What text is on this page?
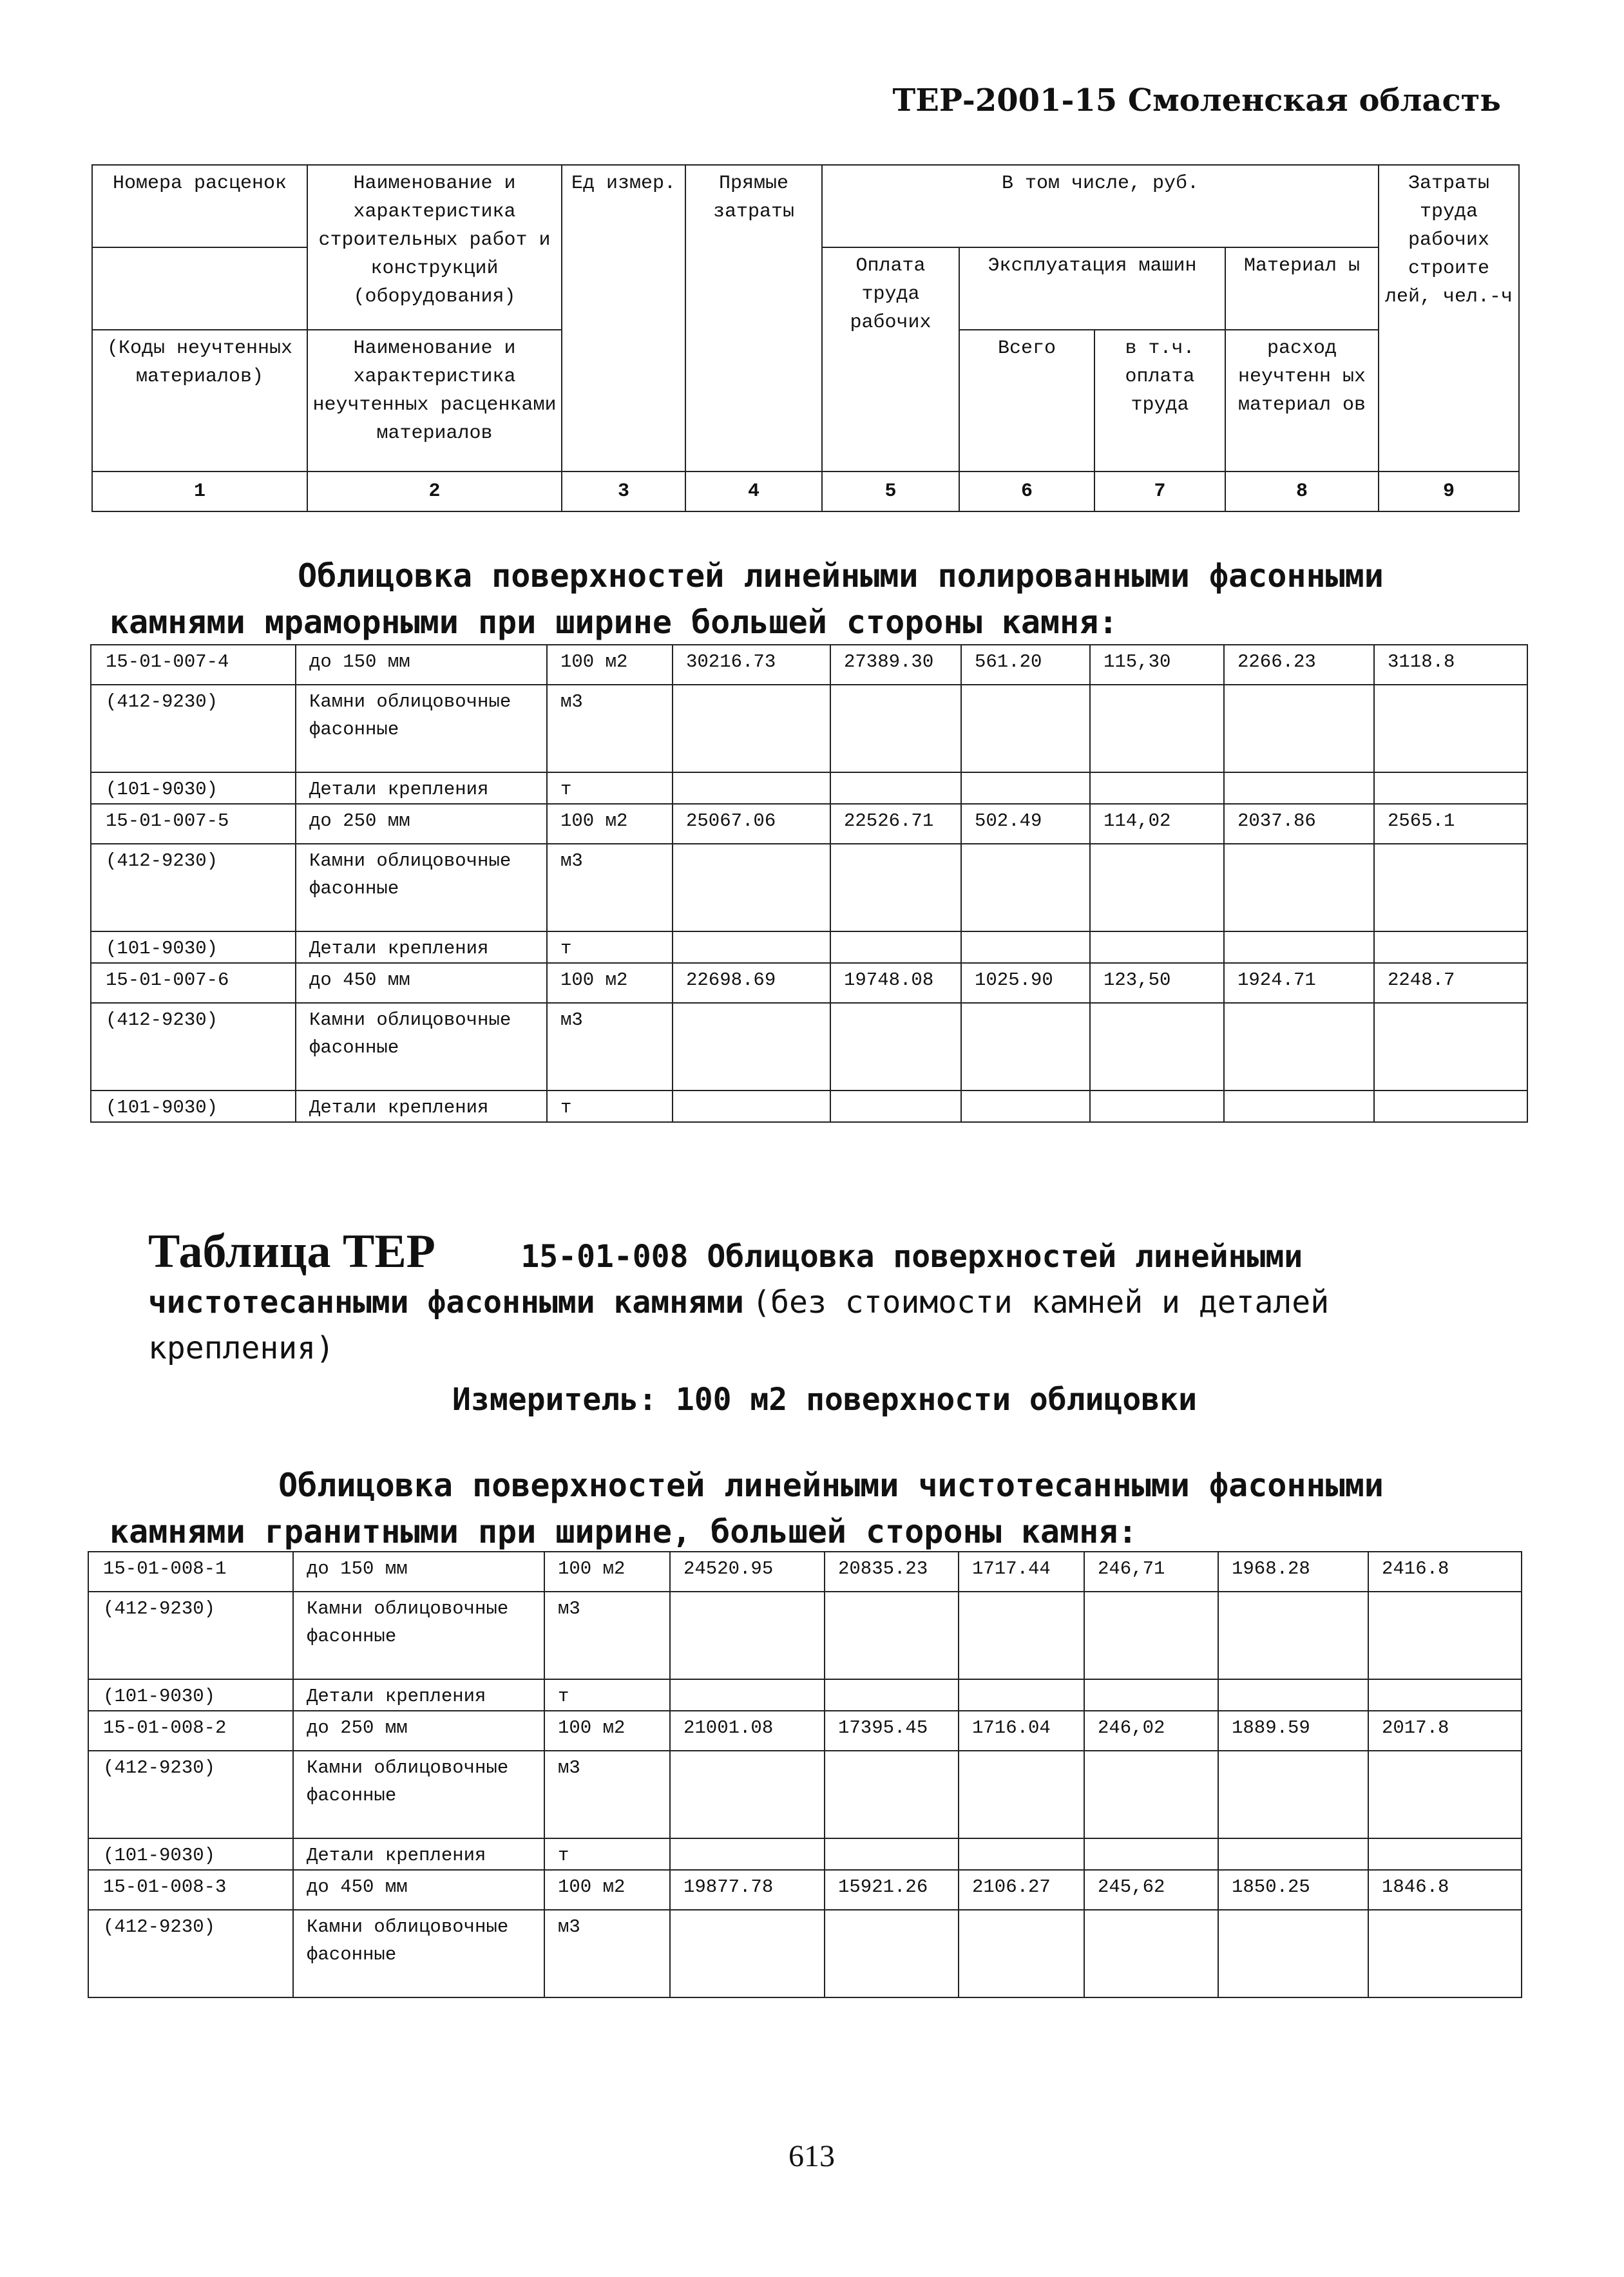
ТЕР-2001-15 Смоленская область
Номера расценок	Наименование и характеристика строительных работ и конструкций (оборудования)	Ед измер.	Прямые затраты	В том числе, руб.				Затраты труда рабочих строите лей, чел.-ч
				Оплата труда рабочих	Эксплуатация машин		Материал ы	
(Коды неучтенных материалов)	Наименование и характеристика неучтенных расценками материалов				Всего	в т.ч. оплата труда	расход неучтенн ых материал ов	
1	2	3	4	5	6	7	8	9
Облицовка поверхностей линейными полированными фасонными
камнями мраморными при ширине большей стороны камня:
15-01-007-4	до 150 мм	100 м2	30216.73	27389.30	561.20	115,30	2266.23	3118.8
(412-9230)	Камни облицовочные фасонные	м3						
(101-9030)	Детали крепления	т						
15-01-007-5	до 250 мм	100 м2	25067.06	22526.71	502.49	114,02	2037.86	2565.1
(412-9230)	Камни облицовочные фасонные	м3						
(101-9030)	Детали крепления	т						
15-01-007-6	до 450 мм	100 м2	22698.69	19748.08	1025.90	123,50	1924.71	2248.7
(412-9230)	Камни облицовочные фасонные	м3						
(101-9030)	Детали крепления	т						
Таблица ТЕР	15-01-008 Облицовка поверхностей линейными чистотесанными фасонными камнями (без стоимости камней и деталей крепления)
Измеритель: 100 м2 поверхности облицовки
Облицовка поверхностей линейными чистотесанными фасонными
камнями гранитными при ширине, большей стороны камня:
15-01-008-1	до 150 мм	100 м2	24520.95	20835.23	1717.44	246,71	1968.28	2416.8
(412-9230)	Камни облицовочные фасонные	м3						
(101-9030)	Детали крепления	т						
15-01-008-2	до 250 мм	100 м2	21001.08	17395.45	1716.04	246,02	1889.59	2017.8
(412-9230)	Камни облицовочные фасонные	м3						
(101-9030)	Детали крепления	т						
15-01-008-3	до 450 мм	100 м2	19877.78	15921.26	2106.27	245,62	1850.25	1846.8
(412-9230)	Камни облицовочные фасонные	м3						
613
